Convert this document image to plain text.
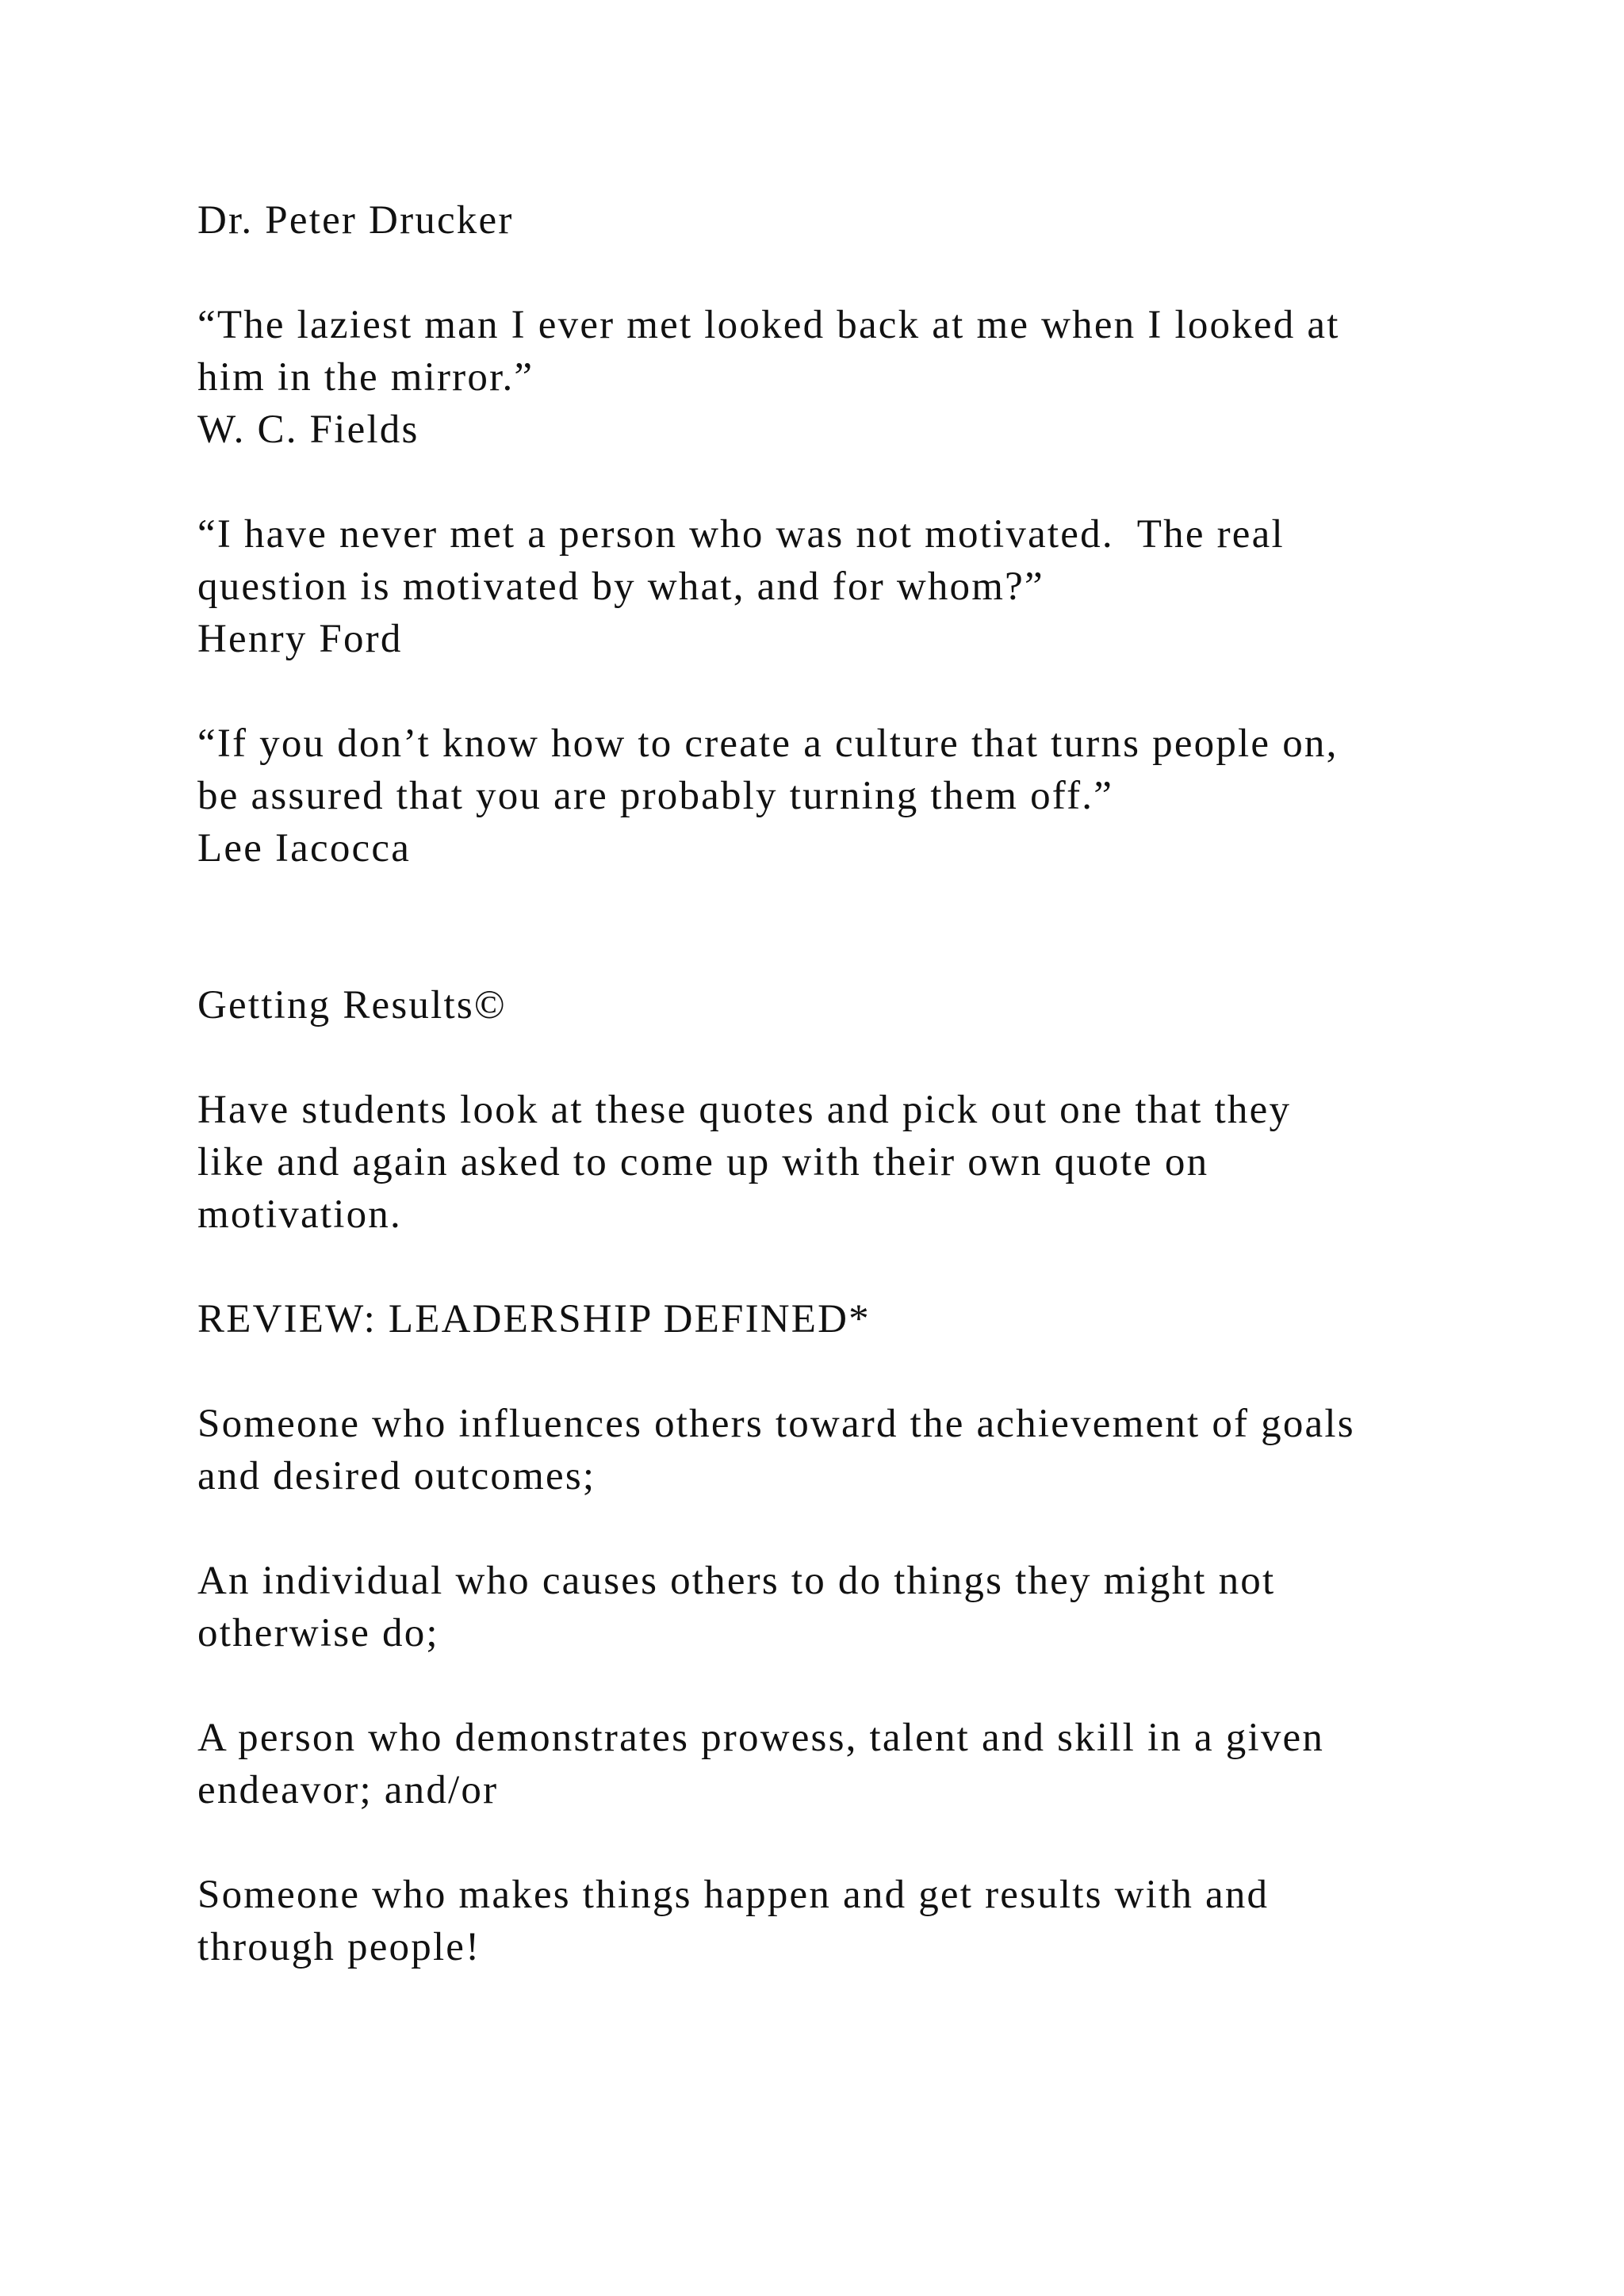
Dr. Peter Drucker

“The laziest man I ever met looked back at me when I looked at

him in the mirror.”

W. C. Fields

“I have never met a person who was not motivated.  The real

question is motivated by what, and for whom?”

Henry Ford

“If you don’t know how to create a culture that turns people on,

be assured that you are probably turning them off.”

Lee Iacocca

Getting Results©

Have students look at these quotes and pick out one that they

like and again asked to come up with their own quote on

motivation.

REVIEW: LEADERSHIP DEFINED*

Someone who influences others toward the achievement of goals

and desired outcomes;

An individual who causes others to do things they might not

otherwise do;

A person who demonstrates prowess, talent and skill in a given

endeavor; and/or

Someone who makes things happen and get results with and

through people!
